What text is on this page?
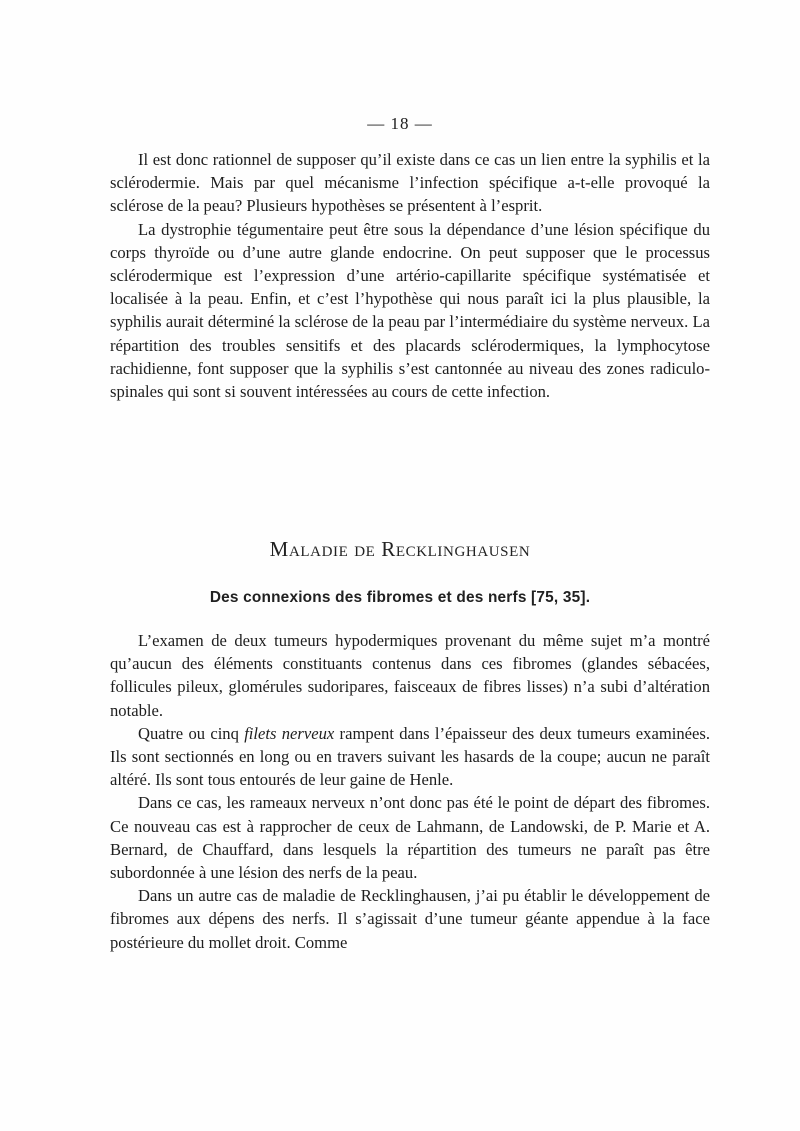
— 18 —

Il est donc rationnel de supposer qu’il existe dans ce cas un lien entre la syphilis et la sclérodermie. Mais par quel mécanisme l’infection spécifique a-t-elle provoqué la sclérose de la peau? Plusieurs hypothèses se présentent à l’esprit.

La dystrophie tégumentaire peut être sous la dépendance d’une lésion spécifique du corps thyroïde ou d’une autre glande endocrine. On peut supposer que le processus sclérodermique est l’expression d’une artério-capillarite spécifique systématisée et localisée à la peau. Enfin, et c’est l’hypothèse qui nous paraît ici la plus plausible, la syphilis aurait déterminé la sclérose de la peau par l’intermédiaire du système nerveux. La répartition des troubles sensitifs et des placards sclérodermiques, la lymphocytose rachidienne, font supposer que la syphilis s’est cantonnée au niveau des zones radiculo-spinales qui sont si souvent intéressées au cours de cette infection.

Maladie de Recklinghausen
Des connexions des fibromes et des nerfs [75, 35].

L’examen de deux tumeurs hypodermiques provenant du même sujet m’a montré qu’aucun des éléments constituants contenus dans ces fibromes (glandes sébacées, follicules pileux, glomérules sudoripares, faisceaux de fibres lisses) n’a subi d’altération notable.

Quatre ou cinq filets nerveux rampent dans l’épaisseur des deux tumeurs examinées. Ils sont sectionnés en long ou en travers suivant les hasards de la coupe; aucun ne paraît altéré. Ils sont tous entourés de leur gaine de Henle.

Dans ce cas, les rameaux nerveux n’ont donc pas été le point de départ des fibromes. Ce nouveau cas est à rapprocher de ceux de Lahmann, de Landowski, de P. Marie et A. Bernard, de Chauffard, dans lesquels la répartition des tumeurs ne paraît pas être subordonnée à une lésion des nerfs de la peau.

Dans un autre cas de maladie de Recklinghausen, j’ai pu établir le développement de fibromes aux dépens des nerfs. Il s’agissait d’une tumeur géante appendue à la face postérieure du mollet droit. Comme
